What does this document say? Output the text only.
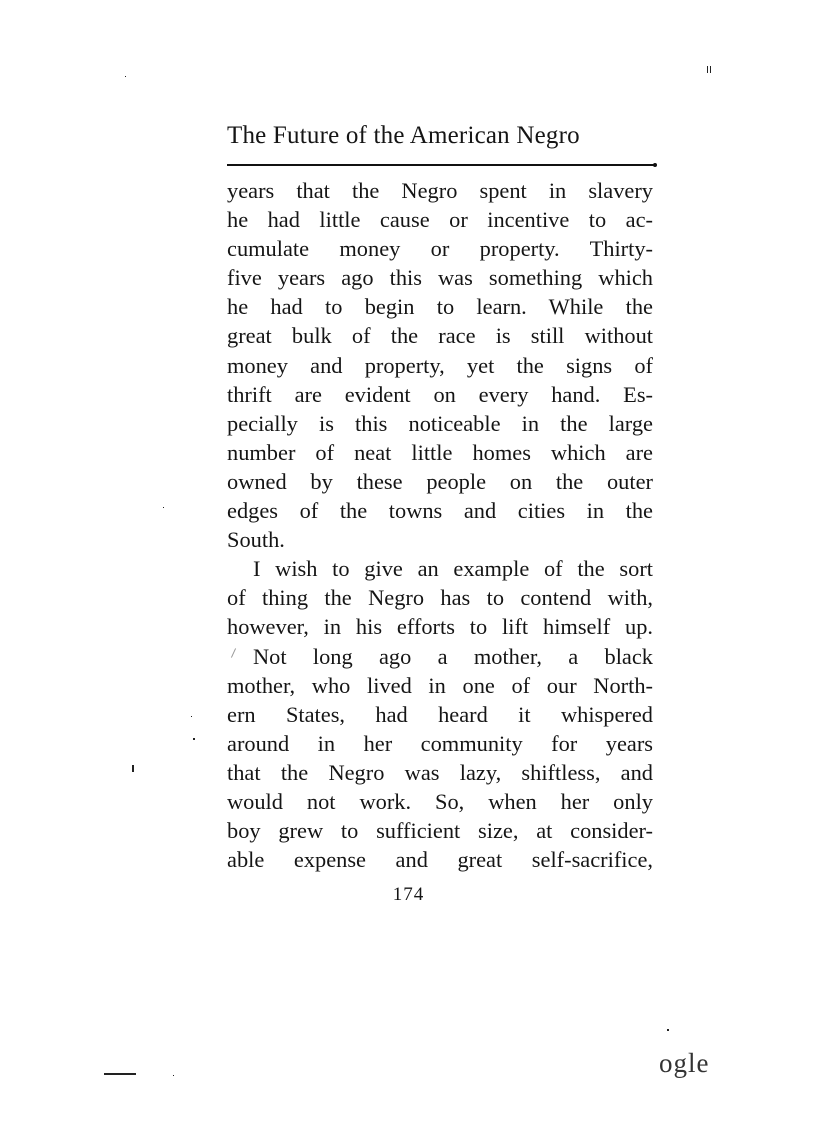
The Future of the American Negro
years that the Negro spent in slavery
he had little cause or incentive to ac-
cumulate money or property. Thirty-
five years ago this was something which
he had to begin to learn. While the
great bulk of the race is still without
money and property, yet the signs of
thrift are evident on every hand. Es-
pecially is this noticeable in the large
number of neat little homes which are
owned by these people on the outer
edges of the towns and cities in the
South.
I wish to give an example of the sort
of thing the Negro has to contend with,
however, in his efforts to lift himself up.
Not long ago a mother, a black
mother, who lived in one of our North-
ern States, had heard it whispered
around in her community for years
that the Negro was lazy, shiftless, and
would not work. So, when her only
boy grew to sufficient size, at consider-
able expense and great self-sacrifice,
174
ogle
